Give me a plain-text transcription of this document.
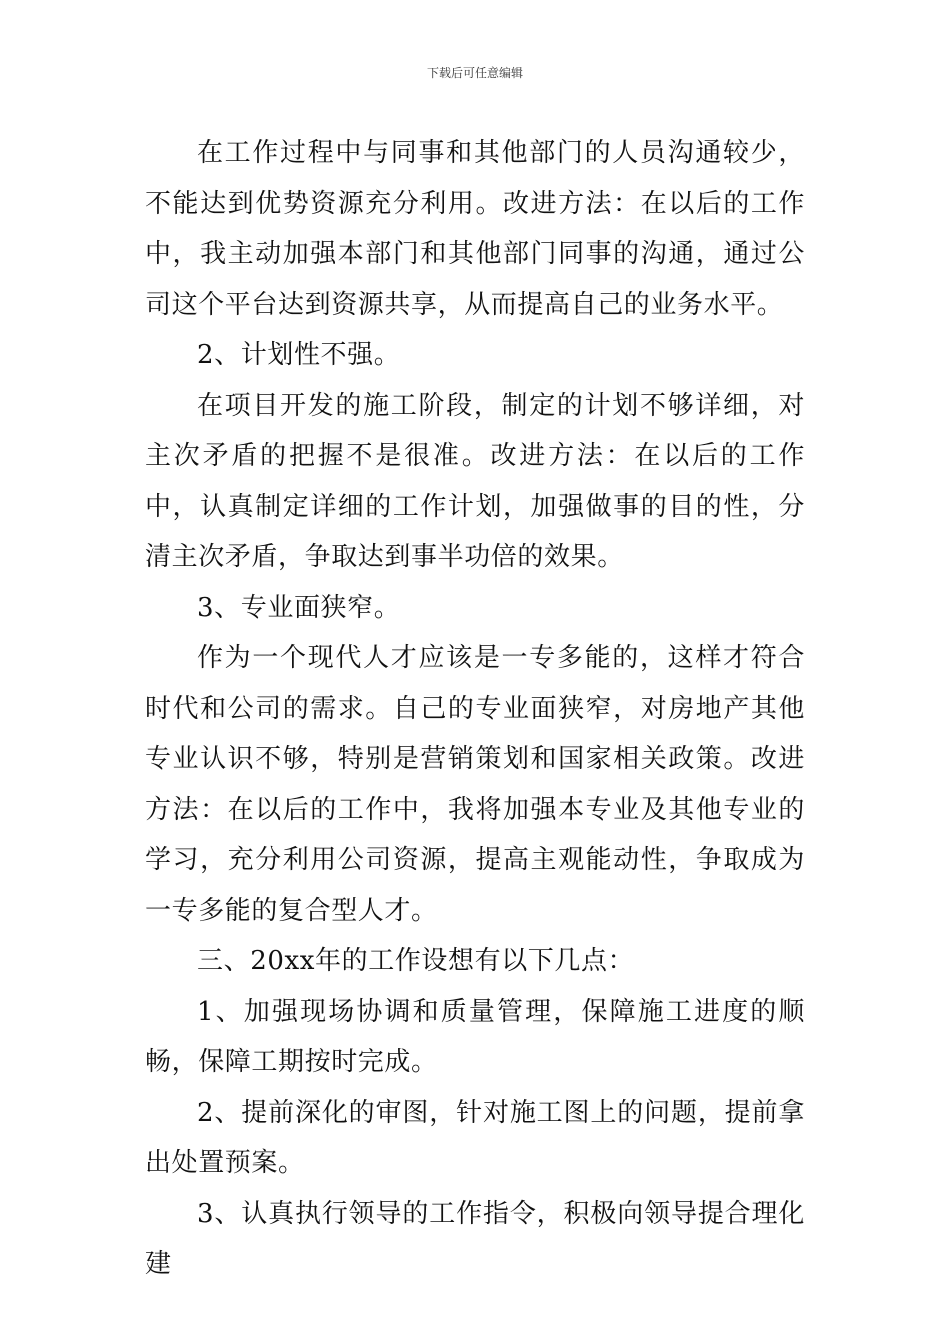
下载后可任意编辑

在工作过程中与同事和其他部门的人员沟通较少，不能达到优势资源充分利用。改进方法：在以后的工作中，我主动加强本部门和其他部门同事的沟通，通过公司这个平台达到资源共享，从而提高自己的业务水平。

2、计划性不强。

在项目开发的施工阶段，制定的计划不够详细，对主次矛盾的把握不是很准。改进方法：在以后的工作中，认真制定详细的工作计划，加强做事的目的性，分清主次矛盾，争取达到事半功倍的效果。

3、专业面狭窄。

作为一个现代人才应该是一专多能的，这样才符合时代和公司的需求。自己的专业面狭窄，对房地产其他专业认识不够，特别是营销策划和国家相关政策。改进方法：在以后的工作中，我将加强本专业及其他专业的学习，充分利用公司资源，提高主观能动性，争取成为一专多能的复合型人才。

三、20xx年的工作设想有以下几点：

1、加强现场协调和质量管理，保障施工进度的顺畅，保障工期按时完成。

2、提前深化的审图，针对施工图上的问题，提前拿出处置预案。

3、认真执行领导的工作指令，积极向领导提合理化建
